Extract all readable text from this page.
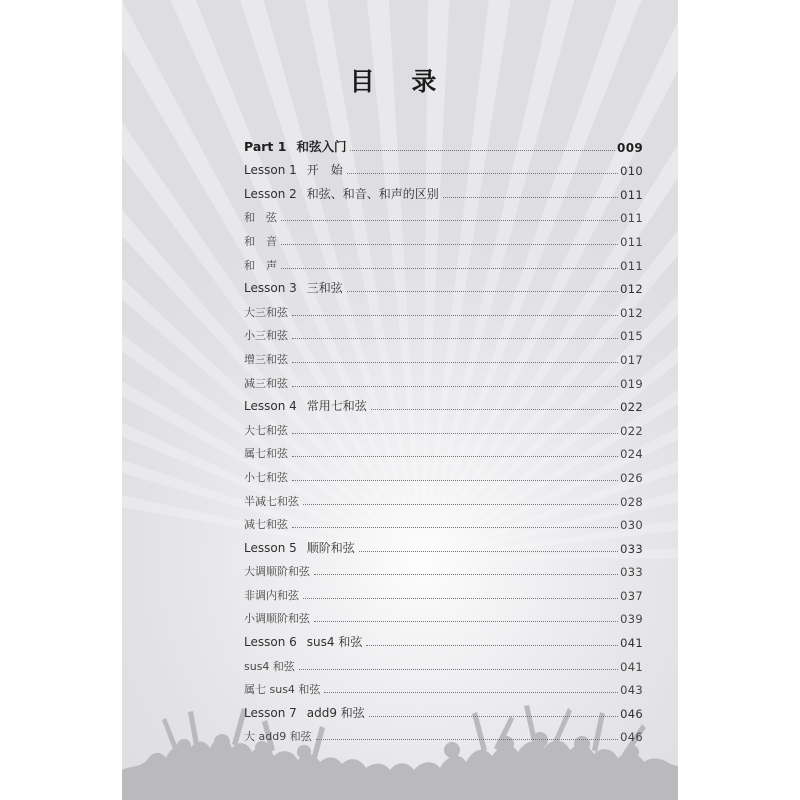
目 录
Part 1 和弦入门	009
Lesson 1 开　始	010
Lesson 2 和弦、和音、和声的区别	011
和　弦	011
和　音	011
和　声	011
Lesson 3 三和弦	012
大三和弦	012
小三和弦	015
增三和弦	017
减三和弦	019
Lesson 4 常用七和弦	022
大七和弦	022
属七和弦	024
小七和弦	026
半减七和弦	028
减七和弦	030
Lesson 5 顺阶和弦	033
大调顺阶和弦	033
非调内和弦	037
小调顺阶和弦	039
Lesson 6 sus4 和弦	041
sus4 和弦	041
属七 sus4 和弦	043
Lesson 7 add9 和弦	046
大 add9 和弦	046
